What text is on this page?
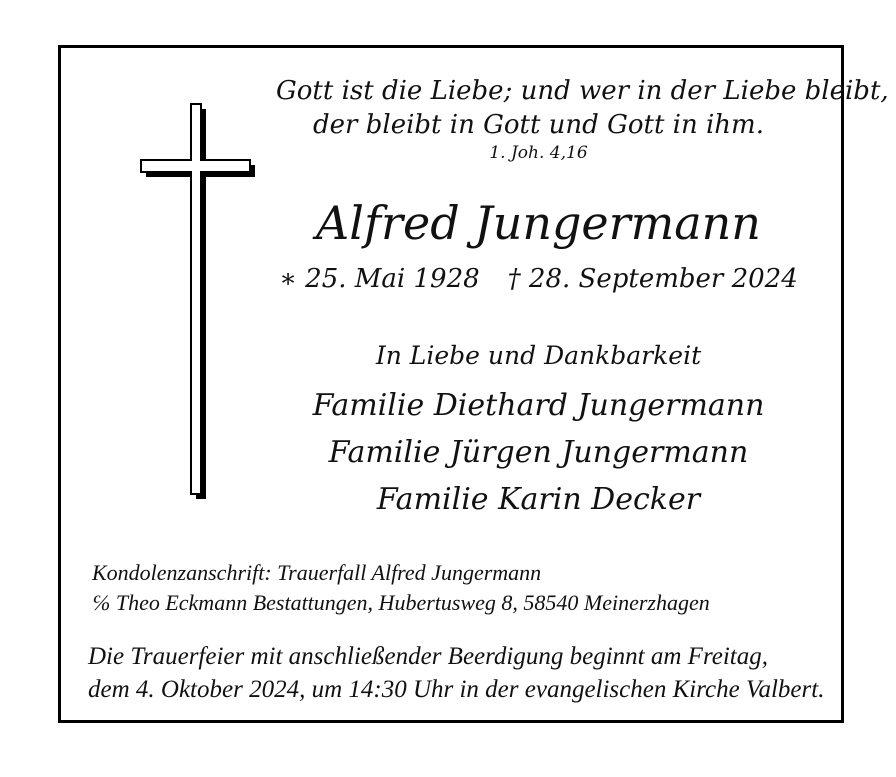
Gott ist die Liebe; und wer in der Liebe bleibt,
der bleibt in Gott und Gott in ihm.
1. Joh. 4,16
Alfred Jungermann
∗ 25. Mai 1928 † 28. September 2024
In Liebe und Dankbarkeit
Familie Diethard Jungermann
Familie Jürgen Jungermann
Familie Karin Decker
Kondolenzanschrift: Trauerfall Alfred Jungermann
℅ Theo Eckmann Bestattungen, Hubertusweg 8, 58540 Meinerzhagen
Die Trauerfeier mit anschließender Beerdigung beginnt am Freitag,
dem 4. Oktober 2024, um 14:30 Uhr in der evangelischen Kirche Valbert.
